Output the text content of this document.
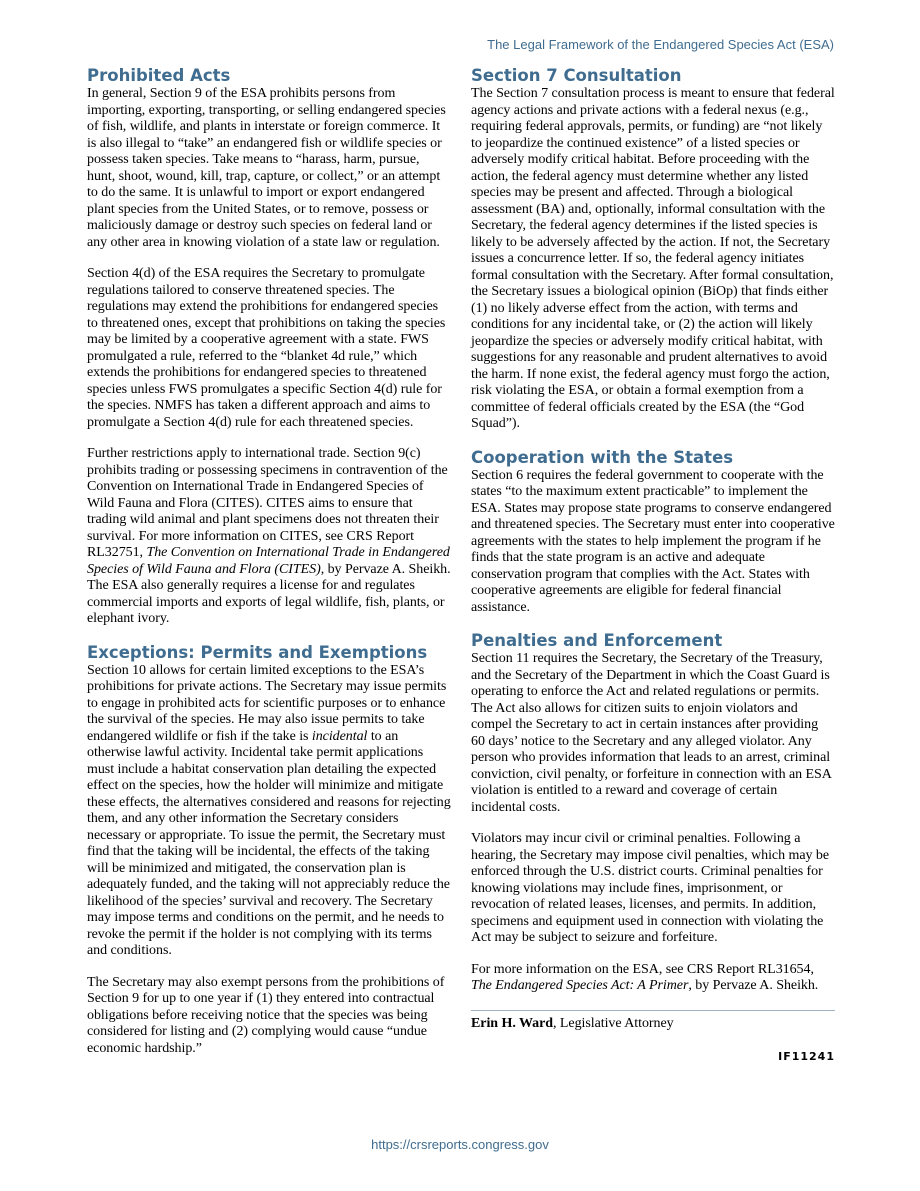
The Legal Framework of the Endangered Species Act (ESA)
Prohibited Acts

In general, Section 9 of the ESA prohibits persons from importing, exporting, transporting, or selling endangered species of fish, wildlife, and plants in interstate or foreign commerce. It is also illegal to “take” an endangered fish or wildlife species or possess taken species. Take means to “harass, harm, pursue, hunt, shoot, wound, kill, trap, capture, or collect,” or an attempt to do the same. It is unlawful to import or export endangered plant species from the United States, or to remove, possess or maliciously damage or destroy such species on federal land or any other area in knowing violation of a state law or regulation.

Section 4(d) of the ESA requires the Secretary to promulgate regulations tailored to conserve threatened species. The regulations may extend the prohibitions for endangered species to threatened ones, except that prohibitions on taking the species may be limited by a cooperative agreement with a state. FWS promulgated a rule, referred to the “blanket 4d rule,” which extends the prohibitions for endangered species to threatened species unless FWS promulgates a specific Section 4(d) rule for the species. NMFS has taken a different approach and aims to promulgate a Section 4(d) rule for each threatened species.

Further restrictions apply to international trade. Section 9(c) prohibits trading or possessing specimens in contravention of the Convention on International Trade in Endangered Species of Wild Fauna and Flora (CITES). CITES aims to ensure that trading wild animal and plant specimens does not threaten their survival. For more information on CITES, see CRS Report RL32751, The Convention on International Trade in Endangered Species of Wild Fauna and Flora (CITES), by Pervaze A. Sheikh. The ESA also generally requires a license for and regulates commercial imports and exports of legal wildlife, fish, plants, or elephant ivory.

Exceptions: Permits and Exemptions

Section 10 allows for certain limited exceptions to the ESA’s prohibitions for private actions. The Secretary may issue permits to engage in prohibited acts for scientific purposes or to enhance the survival of the species. He may also issue permits to take endangered wildlife or fish if the take is incidental to an otherwise lawful activity. Incidental take permit applications must include a habitat conservation plan detailing the expected effect on the species, how the holder will minimize and mitigate these effects, the alternatives considered and reasons for rejecting them, and any other information the Secretary considers necessary or appropriate. To issue the permit, the Secretary must find that the taking will be incidental, the effects of the taking will be minimized and mitigated, the conservation plan is adequately funded, and the taking will not appreciably reduce the likelihood of the species’ survival and recovery. The Secretary may impose terms and conditions on the permit, and he needs to revoke the permit if the holder is not complying with its terms and conditions.

The Secretary may also exempt persons from the prohibitions of Section 9 for up to one year if (1) they entered into contractual obligations before receiving notice that the species was being considered for listing and (2) complying would cause “undue economic hardship.”

Section 7 Consultation

The Section 7 consultation process is meant to ensure that federal agency actions and private actions with a federal nexus (e.g., requiring federal approvals, permits, or funding) are “not likely to jeopardize the continued existence” of a listed species or adversely modify critical habitat. Before proceeding with the action, the federal agency must determine whether any listed species may be present and affected. Through a biological assessment (BA) and, optionally, informal consultation with the Secretary, the federal agency determines if the listed species is likely to be adversely affected by the action. If not, the Secretary issues a concurrence letter. If so, the federal agency initiates formal consultation with the Secretary. After formal consultation, the Secretary issues a biological opinion (BiOp) that finds either (1) no likely adverse effect from the action, with terms and conditions for any incidental take, or (2) the action will likely jeopardize the species or adversely modify critical habitat, with suggestions for any reasonable and prudent alternatives to avoid the harm. If none exist, the federal agency must forgo the action, risk violating the ESA, or obtain a formal exemption from a committee of federal officials created by the ESA (the “God Squad”).

Cooperation with the States

Section 6 requires the federal government to cooperate with the states “to the maximum extent practicable” to implement the ESA. States may propose state programs to conserve endangered and threatened species. The Secretary must enter into cooperative agreements with the states to help implement the program if he finds that the state program is an active and adequate conservation program that complies with the Act. States with cooperative agreements are eligible for federal financial assistance.

Penalties and Enforcement

Section 11 requires the Secretary, the Secretary of the Treasury, and the Secretary of the Department in which the Coast Guard is operating to enforce the Act and related regulations or permits. The Act also allows for citizen suits to enjoin violators and compel the Secretary to act in certain instances after providing 60 days’ notice to the Secretary and any alleged violator. Any person who provides information that leads to an arrest, criminal conviction, civil penalty, or forfeiture in connection with an ESA violation is entitled to a reward and coverage of certain incidental costs.

Violators may incur civil or criminal penalties. Following a hearing, the Secretary may impose civil penalties, which may be enforced through the U.S. district courts. Criminal penalties for knowing violations may include fines, imprisonment, or revocation of related leases, licenses, and permits. In addition, specimens and equipment used in connection with violating the Act may be subject to seizure and forfeiture.

For more information on the ESA, see CRS Report RL31654, The Endangered Species Act: A Primer, by Pervaze A. Sheikh.

Erin H. Ward, Legislative Attorney

IF11241
https://crsreports.congress.gov
